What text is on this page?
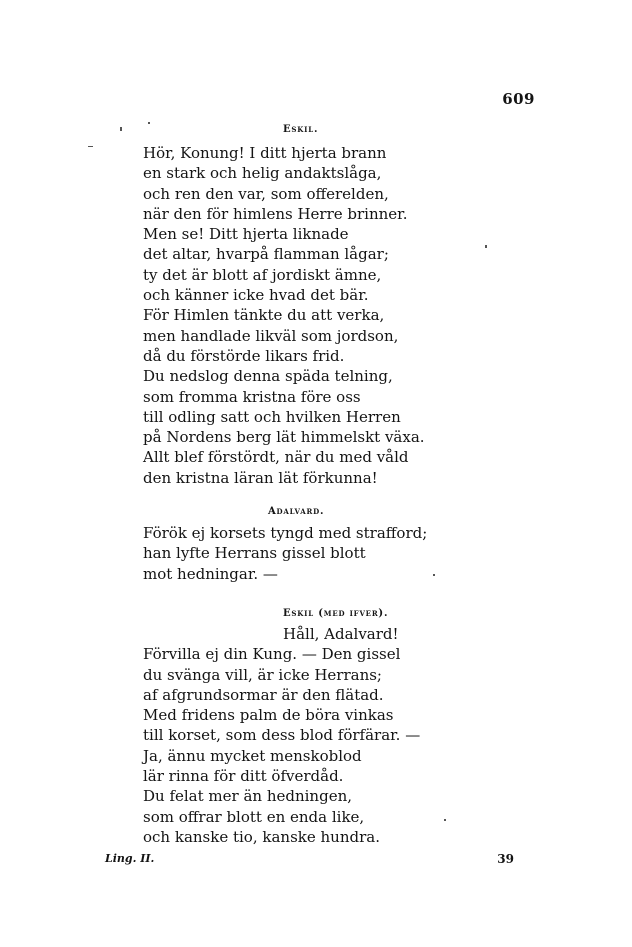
609
Eskil.
Hör, Konung! I ditt hjerta brann
en stark och helig andaktslåga,
och ren den var, som offerelden,
när den för himlens Herre brinner.
Men se! Ditt hjerta liknade
det altar, hvarpå flamman lågar;
ty det är blott af jordiskt ämne,
och känner icke hvad det bär.
För Himlen tänkte du att verka,
men handlade likväl som jordson,
då du förstörde likars frid.
Du nedslog denna späda telning,
som fromma kristna före oss
till odling satt och hvilken Herren
på Nordens berg lät himmelskt växa.
Allt blef förstördt, när du med våld
den kristna läran lät förkunna!
Adalvard.
Förök ej korsets tyngd med strafford;
han lyfte Herrans gissel blott
mot hedningar. —
Eskil (med ifver).
Håll, Adalvard!
Förvilla ej din Kung. — Den gissel
du svänga vill, är icke Herrans;
af afgrundsormar är den flätad.
Med fridens palm de böra vinkas
till korset, som dess blod förfärar. —
Ja, ännu mycket menskoblod
lär rinna för ditt öfverdåd.
Du felat mer än hedningen,
som offrar blott en enda like,
och kanske tio, kanske hundra.
Ling. II.	39
